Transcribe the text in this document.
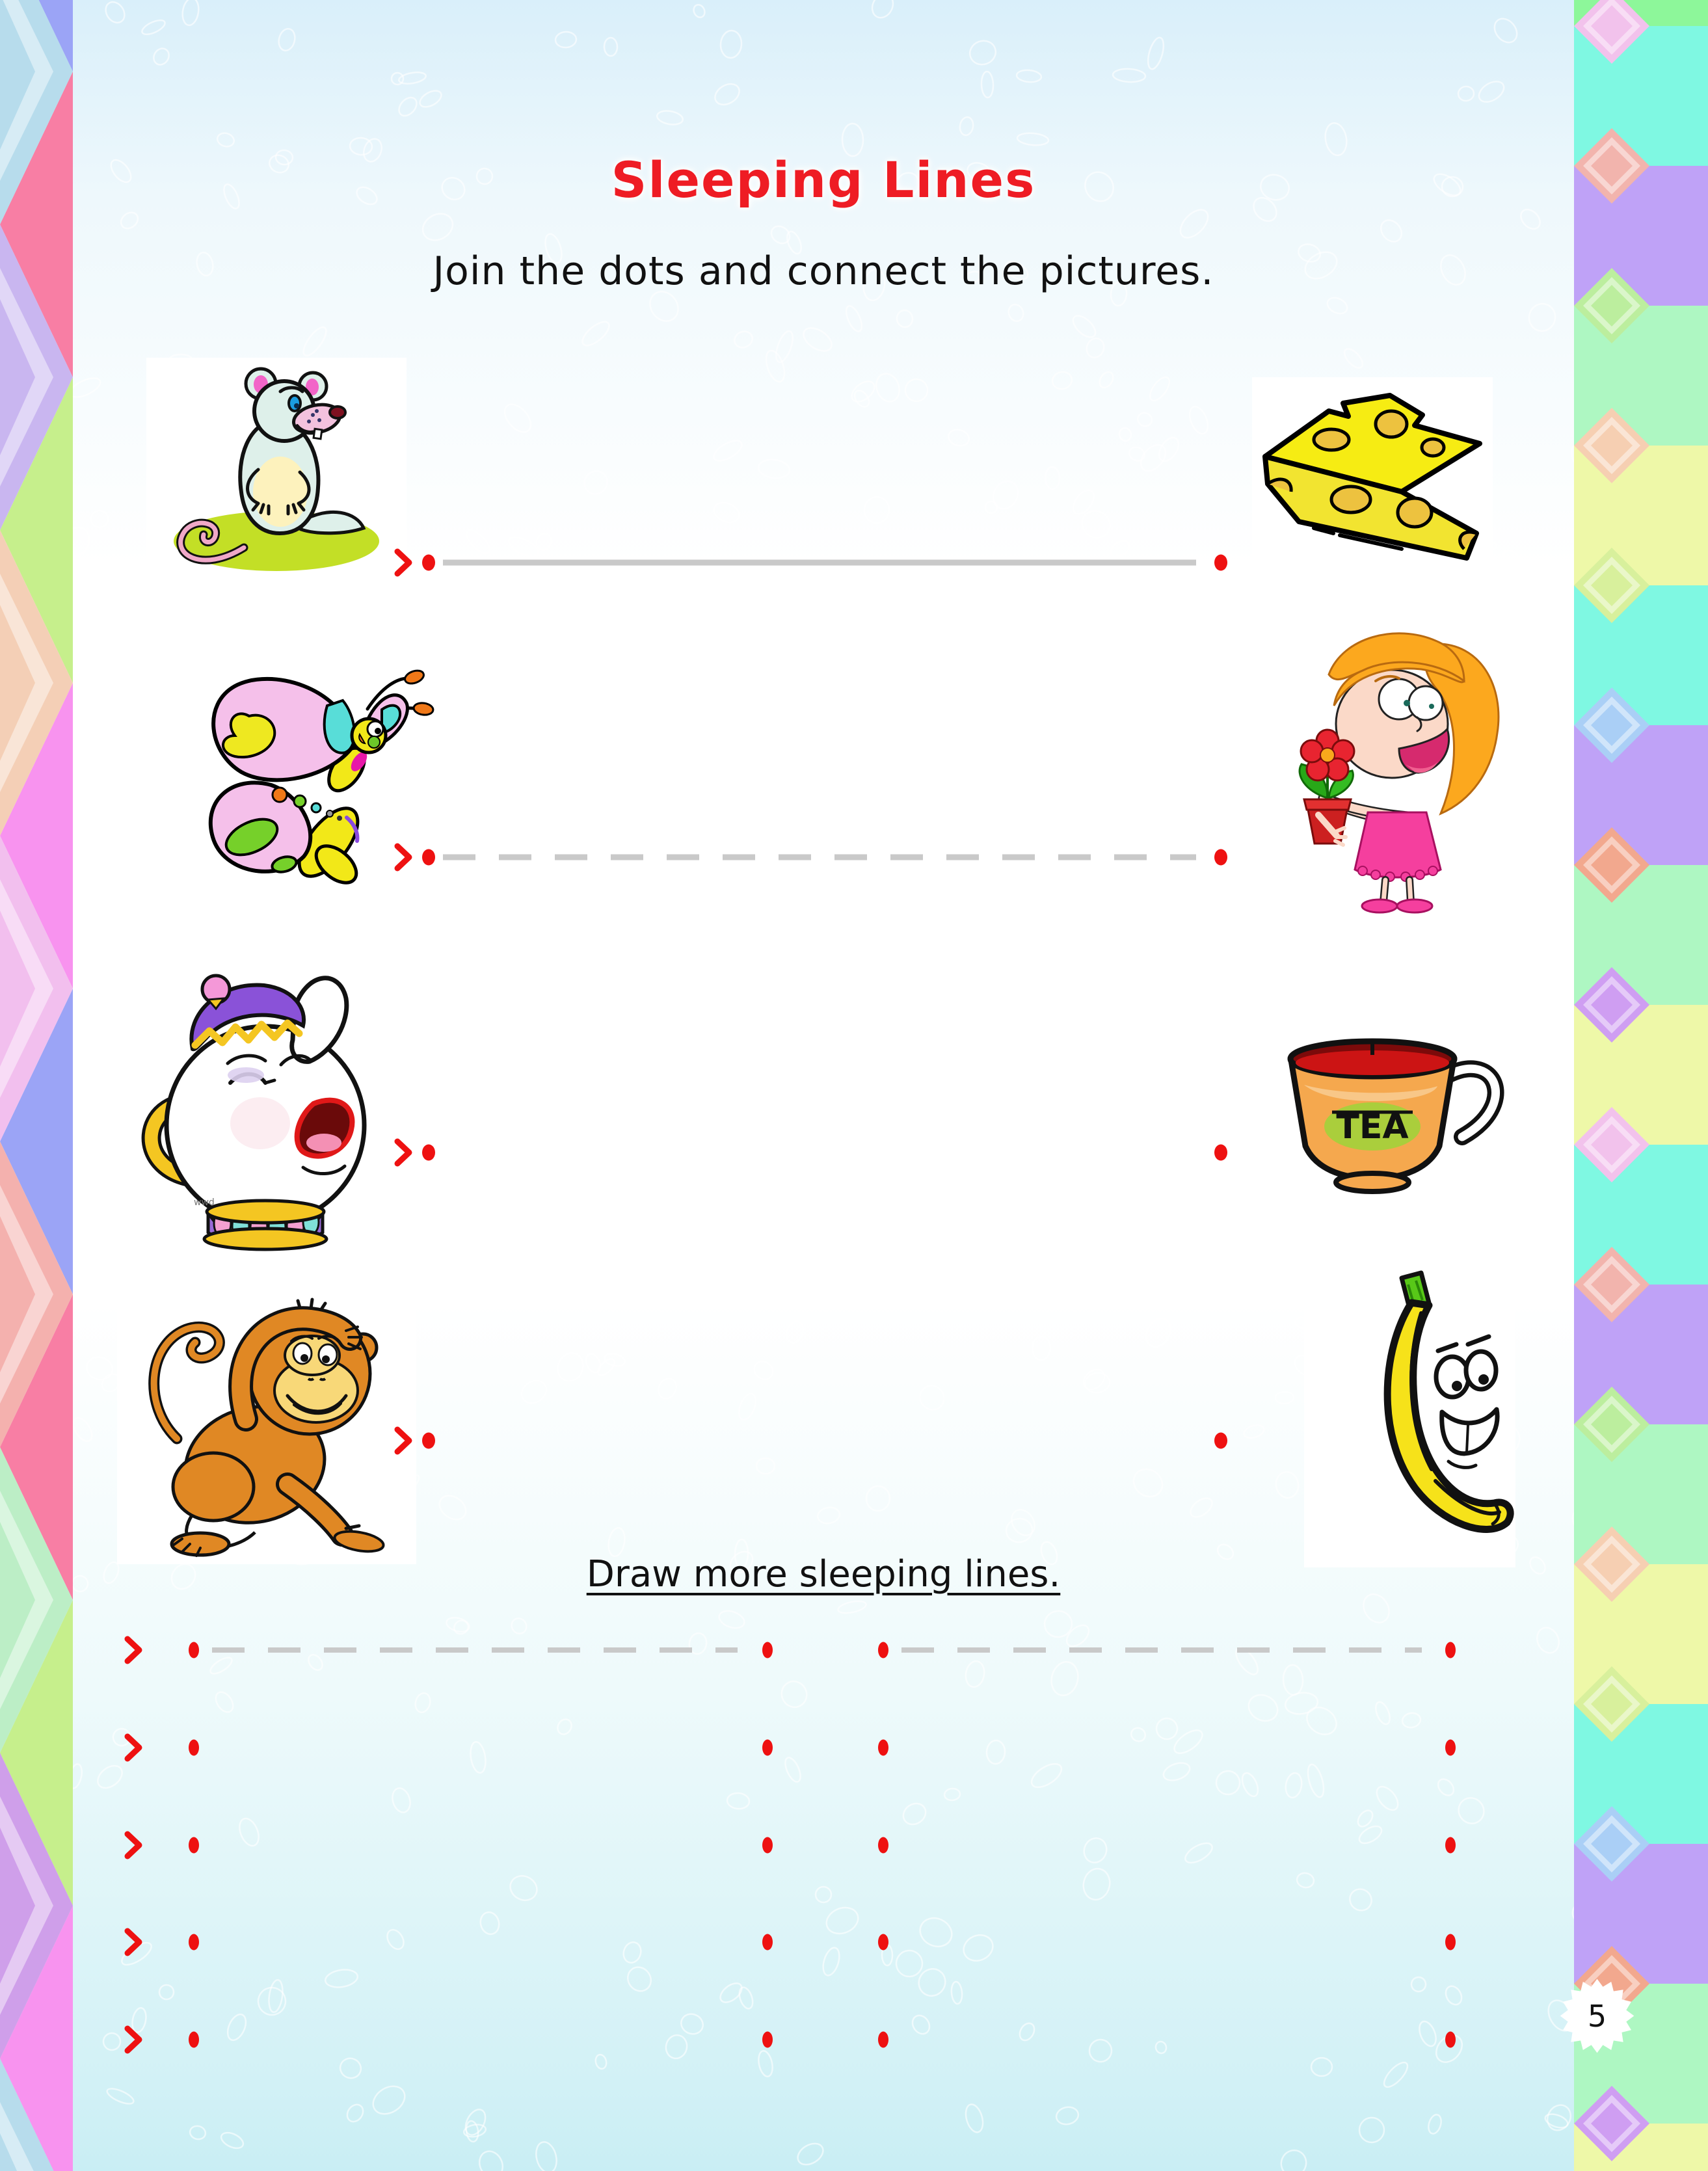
Sleeping Lines
Join the dots and connect the pictures.
wwd
TEA
Draw more sleeping lines.
5
